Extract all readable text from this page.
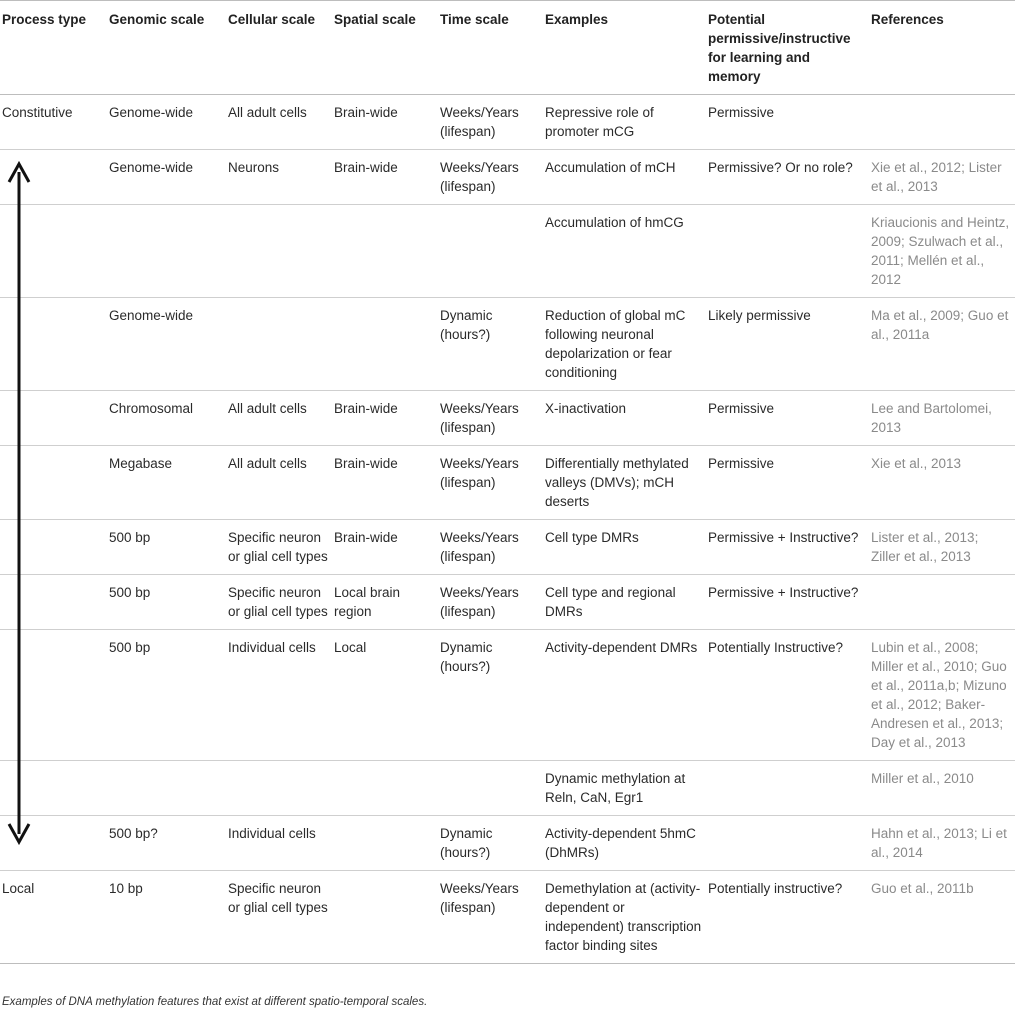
Process type	Genomic scale	Cellular scale	Spatial scale	Time scale	Examples	Potential permissive/instructive for learning and memory	References
Constitutive	Genome-wide	All adult cells	Brain-wide	Weeks/Years (lifespan)	Repressive role of promoter mCG	Permissive	
	Genome-wide	Neurons	Brain-wide	Weeks/Years (lifespan)	Accumulation of mCH	Permissive? Or no role?	Xie et al., 2012; Lister et al., 2013
					Accumulation of hmCG		Kriaucionis and Heintz, 2009; Szulwach et al., 2011; Mellén et al., 2012
	Genome-wide			Dynamic (hours?)	Reduction of global mC following neuronal depolarization or fear conditioning	Likely permissive	Ma et al., 2009; Guo et al., 2011a
	Chromosomal	All adult cells	Brain-wide	Weeks/Years (lifespan)	X-inactivation	Permissive	Lee and Bartolomei, 2013
	Megabase	All adult cells	Brain-wide	Weeks/Years (lifespan)	Differentially methylated valleys (DMVs); mCH deserts	Permissive	Xie et al., 2013
	500 bp	Specific neuron or glial cell types	Brain-wide	Weeks/Years (lifespan)	Cell type DMRs	Permissive + Instructive?	Lister et al., 2013; Ziller et al., 2013
	500 bp	Specific neuron or glial cell types	Local brain region	Weeks/Years (lifespan)	Cell type and regional DMRs	Permissive + Instructive?	
	500 bp	Individual cells	Local	Dynamic (hours?)	Activity-dependent DMRs	Potentially Instructive?	Lubin et al., 2008; Miller et al., 2010; Guo et al., 2011a,b; Mizuno et al., 2012; Baker-Andresen et al., 2013; Day et al., 2013
					Dynamic methylation at Reln, CaN, Egr1		Miller et al., 2010
	500 bp?	Individual cells		Dynamic (hours?)	Activity-dependent 5hmC (DhMRs)		Hahn et al., 2013; Li et al., 2014
Local	10 bp	Specific neuron or glial cell types		Weeks/Years (lifespan)	Demethylation at (activity-dependent or independent) transcription factor binding sites	Potentially instructive?	Guo et al., 2011b
Examples of DNA methylation features that exist at different spatio-temporal scales.
